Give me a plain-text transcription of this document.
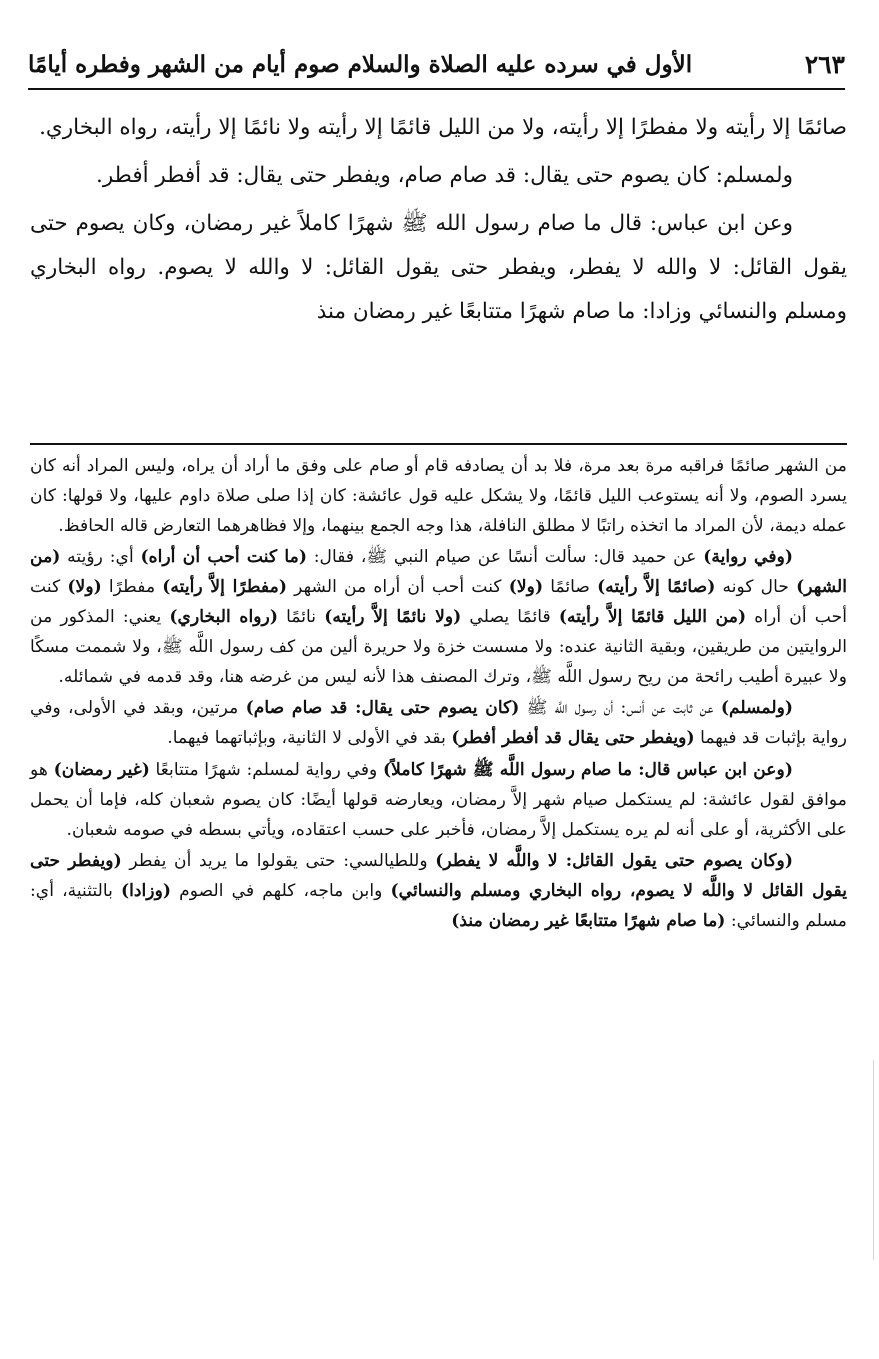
الأول في سرده عليه الصلاة والسلام صوم أيام من الشهر وفطره أيامًا	٢٦٣

صائمًا إلا رأيته ولا مفطرًا إلا رأيته، ولا من الليل قائمًا إلا رأيته ولا نائمًا إلا رأيته، رواه البخاري.

ولمسلم: كان يصوم حتى يقال: قد صام صام، ويفطر حتى يقال: قد أفطر أفطر.

وعن ابن عباس: قال ما صام رسول الله ﷺ شهرًا كاملاً غير رمضان، وكان يصوم حتى يقول القائل: لا والله لا يفطر، ويفطر حتى يقول القائل: لا والله لا يصوم. رواه البخاري ومسلم والنسائي وزادا: ما صام شهرًا متتابعًا غير رمضان منذ

من الشهر صائمًا فراقبه مرة بعد مرة، فلا بد أن يصادفه قام أو صام على وفق ما أراد أن يراه، وليس المراد أنه كان يسرد الصوم، ولا أنه يستوعب الليل قائمًا، ولا يشكل عليه قول عائشة: كان إذا صلى صلاة داوم عليها، ولا قولها: كان عمله ديمة، لأن المراد ما اتخذه راتبًا لا مطلق النافلة، هذا وجه الجمع بينهما، وإلا فظاهرهما التعارض قاله الحافظ.

(وفي رواية) عن حميد قال: سألت أنسًا عن صيام النبي ﷺ، فقال: (ما كنت أحب أن أراه) أي: رؤيته (من الشهر) حال كونه (صائمًا إلاَّ رأيته) صائمًا (ولا) كنت أحب أن أراه من الشهر (مفطرًا إلاَّ رأيته) مفطرًا (ولا) كنت أحب أن أراه (من الليل قائمًا إلاَّ رأيته) قائمًا يصلي (ولا نائمًا إلاَّ رأيته) نائمًا (رواه البخاري) يعني: المذكور من الروايتين من طريقين، وبقية الثانية عنده: ولا مسست خزة ولا حريرة ألين من كف رسول اللَّه ﷺ، ولا شممت مسكًا ولا عبيرة أطيب رائحة من ريح رسول اللَّه ﷺ، وترك المصنف هذا لأنه ليس من غرضه هنا، وقد قدمه في شمائله.

(ولمسلم) عن ثابت عن أنس: أن رسول اللَّه ﷺ (كان يصوم حتى يقال: قد صام صام) مرتين، وبقد في الأولى، وفي رواية بإثبات قد فيهما (ويفطر حتى يقال قد أفطر أفطر) بقد في الأولى لا الثانية، وبإثباتهما فيهما.

(وعن ابن عباس قال: ما صام رسول اللَّه ﷺ شهرًا كاملاً) وفي رواية لمسلم: شهرًا متتابعًا (غير رمضان) هو موافق لقول عائشة: لم يستكمل صيام شهر إلاَّ رمضان، ويعارضه قولها أيضًا: كان يصوم شعبان كله، فإما أن يحمل على الأكثرية، أو على أنه لم يره يستكمل إلاَّ رمضان، فأخبر على حسب اعتقاده، ويأتي بسطه في صومه شعبان.

(وكان يصوم حتى يقول القائل: لا واللَّه لا يفطر) وللطيالسي: حتى يقولوا ما يريد أن يفطر (ويفطر حتى يقول القائل لا واللَّه لا يصوم، رواه البخاري ومسلم والنسائي) وابن ماجه، كلهم في الصوم (وزادا) بالتثنية، أي: مسلم والنسائي: (ما صام شهرًا متتابعًا غير رمضان منذ)
